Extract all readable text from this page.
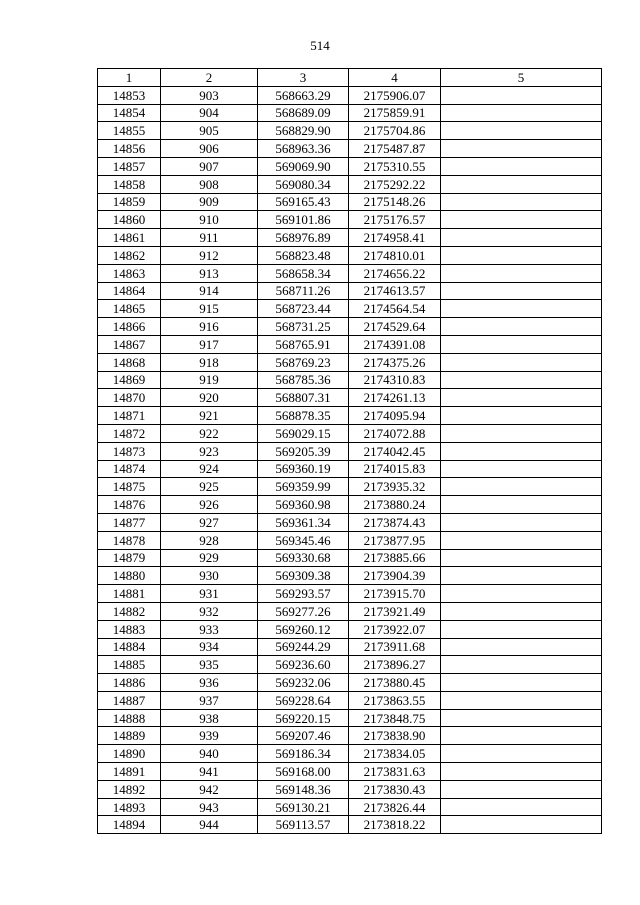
514
1	2	3	4	5
14853	903	568663.29	2175906.07	
14854	904	568689.09	2175859.91	
14855	905	568829.90	2175704.86	
14856	906	568963.36	2175487.87	
14857	907	569069.90	2175310.55	
14858	908	569080.34	2175292.22	
14859	909	569165.43	2175148.26	
14860	910	569101.86	2175176.57	
14861	911	568976.89	2174958.41	
14862	912	568823.48	2174810.01	
14863	913	568658.34	2174656.22	
14864	914	568711.26	2174613.57	
14865	915	568723.44	2174564.54	
14866	916	568731.25	2174529.64	
14867	917	568765.91	2174391.08	
14868	918	568769.23	2174375.26	
14869	919	568785.36	2174310.83	
14870	920	568807.31	2174261.13	
14871	921	568878.35	2174095.94	
14872	922	569029.15	2174072.88	
14873	923	569205.39	2174042.45	
14874	924	569360.19	2174015.83	
14875	925	569359.99	2173935.32	
14876	926	569360.98	2173880.24	
14877	927	569361.34	2173874.43	
14878	928	569345.46	2173877.95	
14879	929	569330.68	2173885.66	
14880	930	569309.38	2173904.39	
14881	931	569293.57	2173915.70	
14882	932	569277.26	2173921.49	
14883	933	569260.12	2173922.07	
14884	934	569244.29	2173911.68	
14885	935	569236.60	2173896.27	
14886	936	569232.06	2173880.45	
14887	937	569228.64	2173863.55	
14888	938	569220.15	2173848.75	
14889	939	569207.46	2173838.90	
14890	940	569186.34	2173834.05	
14891	941	569168.00	2173831.63	
14892	942	569148.36	2173830.43	
14893	943	569130.21	2173826.44	
14894	944	569113.57	2173818.22	
